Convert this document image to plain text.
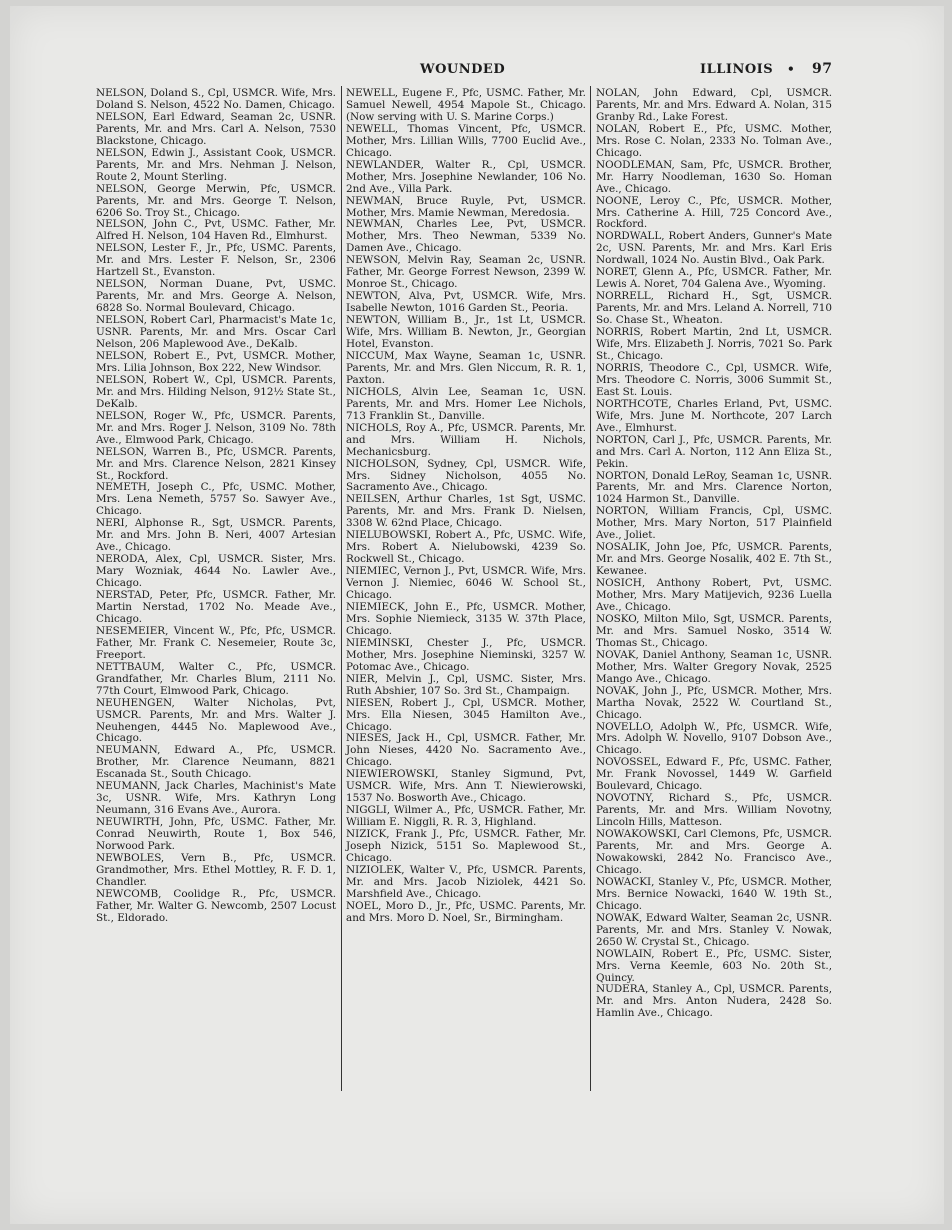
WOUNDED	ILLINOIS • 97

NELSON, Doland S., Cpl, USMCR. Wife, Mrs. Doland S. Nelson, 4522 No. Damen, Chicago.

NELSON, Earl Edward, Seaman 2c, USNR. Parents, Mr. and Mrs. Carl A. Nelson, 7530 Blackstone, Chicago.

NELSON, Edwin J., Assistant Cook, USMCR. Parents, Mr. and Mrs. Nehman J. Nelson, Route 2, Mount Sterling.

NELSON, George Merwin, Pfc, USMCR. Parents, Mr. and Mrs. George T. Nelson, 6206 So. Troy St., Chicago.

NELSON, John C., Pvt, USMC. Father, Mr. Alfred H. Nelson, 104 Haven Rd., Elmhurst.

NELSON, Lester F., Jr., Pfc, USMC. Parents, Mr. and Mrs. Lester F. Nelson, Sr., 2306 Hartzell St., Evanston.

NELSON, Norman Duane, Pvt, USMC. Parents, Mr. and Mrs. George A. Nelson, 6828 So. Normal Boulevard, Chicago.

NELSON, Robert Carl, Pharmacist's Mate 1c, USNR. Parents, Mr. and Mrs. Oscar Carl Nelson, 206 Maplewood Ave., DeKalb.

NELSON, Robert E., Pvt, USMCR. Mother, Mrs. Lilia Johnson, Box 222, New Windsor.

NELSON, Robert W., Cpl, USMCR. Parents, Mr. and Mrs. Hilding Nelson, 912½ State St., DeKalb.

NELSON, Roger W., Pfc, USMCR. Parents, Mr. and Mrs. Roger J. Nelson, 3109 No. 78th Ave., Elmwood Park, Chicago.

NELSON, Warren B., Pfc, USMCR. Parents, Mr. and Mrs. Clarence Nelson, 2821 Kinsey St., Rockford.

NEMETH, Joseph C., Pfc, USMC. Mother, Mrs. Lena Nemeth, 5757 So. Sawyer Ave., Chicago.

NERI, Alphonse R., Sgt, USMCR. Parents, Mr. and Mrs. John B. Neri, 4007 Artesian Ave., Chicago.

NERODA, Alex, Cpl, USMCR. Sister, Mrs. Mary Wozniak, 4644 No. Lawler Ave., Chicago.

NERSTAD, Peter, Pfc, USMCR. Father, Mr. Martin Nerstad, 1702 No. Meade Ave., Chicago.

NESEMEIER, Vincent W., Pfc, Pfc, USMCR. Father, Mr. Frank C. Nesemeier, Route 3c, Freeport.

NETTBAUM, Walter C., Pfc, USMCR. Grandfather, Mr. Charles Blum, 2111 No. 77th Court, Elmwood Park, Chicago.

NEUHENGEN, Walter Nicholas, Pvt, USMCR. Parents, Mr. and Mrs. Walter J. Neuhengen, 4445 No. Maplewood Ave., Chicago.

NEUMANN, Edward A., Pfc, USMCR. Brother, Mr. Clarence Neumann, 8821 Escanada St., South Chicago.

NEUMANN, Jack Charles, Machinist's Mate 3c, USNR. Wife, Mrs. Kathryn Long Neumann, 316 Evans Ave., Aurora.

NEUWIRTH, John, Pfc, USMC. Father, Mr. Conrad Neuwirth, Route 1, Box 546, Norwood Park.

NEWBOLES, Vern B., Pfc, USMCR. Grandmother, Mrs. Ethel Mottley, R. F. D. 1, Chandler.

NEWCOMB, Coolidge R., Pfc, USMCR. Father, Mr. Walter G. Newcomb, 2507 Locust St., Eldorado.

NEWELL, Eugene F., Pfc, USMC. Father, Mr. Samuel Newell, 4954 Mapole St., Chicago. (Now serving with U. S. Marine Corps.)

NEWELL, Thomas Vincent, Pfc, USMCR. Mother, Mrs. Lillian Wills, 7700 Euclid Ave., Chicago.

NEWLANDER, Walter R., Cpl, USMCR. Mother, Mrs. Josephine Newlander, 106 No. 2nd Ave., Villa Park.

NEWMAN, Bruce Ruyle, Pvt, USMCR. Mother, Mrs. Mamie Newman, Meredosia.

NEWMAN, Charles Lee, Pvt, USMCR. Mother, Mrs. Theo Newman, 5339 No. Damen Ave., Chicago.

NEWSON, Melvin Ray, Seaman 2c, USNR. Father, Mr. George Forrest Newson, 2399 W. Monroe St., Chicago.

NEWTON, Alva, Pvt, USMCR. Wife, Mrs. Isabelle Newton, 1016 Garden St., Peoria.

NEWTON, William B., Jr., 1st Lt, USMCR. Wife, Mrs. William B. Newton, Jr., Georgian Hotel, Evanston.

NICCUM, Max Wayne, Seaman 1c, USNR. Parents, Mr. and Mrs. Glen Niccum, R. R. 1, Paxton.

NICHOLS, Alvin Lee, Seaman 1c, USN. Parents, Mr. and Mrs. Homer Lee Nichols, 713 Franklin St., Danville.

NICHOLS, Roy A., Pfc, USMCR. Parents, Mr. and Mrs. William H. Nichols, Mechanicsburg.

NICHOLSON, Sydney, Cpl, USMCR. Wife, Mrs. Sidney Nicholson, 4055 No. Sacramento Ave., Chicago.

NEILSEN, Arthur Charles, 1st Sgt, USMC. Parents, Mr. and Mrs. Frank D. Nielsen, 3308 W. 62nd Place, Chicago.

NIELUBOWSKI, Robert A., Pfc, USMC. Wife, Mrs. Robert A. Nielubowski, 4239 So. Rockwell St., Chicago.

NIEMIEC, Vernon J., Pvt, USMCR. Wife, Mrs. Vernon J. Niemiec, 6046 W. School St., Chicago.

NIEMIECK, John E., Pfc, USMCR. Mother, Mrs. Sophie Niemieck, 3135 W. 37th Place, Chicago.

NIEMINSKI, Chester J., Pfc, USMCR. Mother, Mrs. Josephine Nieminski, 3257 W. Potomac Ave., Chicago.

NIER, Melvin J., Cpl, USMC. Sister, Mrs. Ruth Abshier, 107 So. 3rd St., Champaign.

NIESEN, Robert J., Cpl, USMCR. Mother, Mrs. Ella Niesen, 3045 Hamilton Ave., Chicago.

NIESES, Jack H., Cpl, USMCR. Father, Mr. John Nieses, 4420 No. Sacramento Ave., Chicago.

NIEWIEROWSKI, Stanley Sigmund, Pvt, USMCR. Wife, Mrs. Ann T. Niewierowski, 1537 No. Bosworth Ave., Chicago.

NIGGLI, Wilmer A., Pfc, USMCR. Father, Mr. William E. Niggli, R. R. 3, Highland.

NIZICK, Frank J., Pfc, USMCR. Father, Mr. Joseph Nizick, 5151 So. Maplewood St., Chicago.

NIZIOLEK, Walter V., Pfc, USMCR. Parents, Mr. and Mrs. Jacob Niziolek, 4421 So. Marshfield Ave., Chicago.

NOEL, Moro D., Jr., Pfc, USMC. Parents, Mr. and Mrs. Moro D. Noel, Sr., Birmingham.

NOLAN, John Edward, Cpl, USMCR. Parents, Mr. and Mrs. Edward A. Nolan, 315 Granby Rd., Lake Forest.

NOLAN, Robert E., Pfc, USMC. Mother, Mrs. Rose C. Nolan, 2333 No. Tolman Ave., Chicago.

NOODLEMAN, Sam, Pfc, USMCR. Brother, Mr. Harry Noodleman, 1630 So. Homan Ave., Chicago.

NOONE, Leroy C., Pfc, USMCR. Mother, Mrs. Catherine A. Hill, 725 Concord Ave., Rockford.

NORDWALL, Robert Anders, Gunner's Mate 2c, USN. Parents, Mr. and Mrs. Karl Eris Nordwall, 1024 No. Austin Blvd., Oak Park.

NORET, Glenn A., Pfc, USMCR. Father, Mr. Lewis A. Noret, 704 Galena Ave., Wyoming.

NORRELL, Richard H., Sgt, USMCR. Parents, Mr. and Mrs. Leland A. Norrell, 710 So. Chase St., Wheaton.

NORRIS, Robert Martin, 2nd Lt, USMCR. Wife, Mrs. Elizabeth J. Norris, 7021 So. Park St., Chicago.

NORRIS, Theodore C., Cpl, USMCR. Wife, Mrs. Theodore C. Norris, 3006 Summit St., East St. Louis.

NORTHCOTE, Charles Erland, Pvt, USMC. Wife, Mrs. June M. Northcote, 207 Larch Ave., Elmhurst.

NORTON, Carl J., Pfc, USMCR. Parents, Mr. and Mrs. Carl A. Norton, 112 Ann Eliza St., Pekin.

NORTON, Donald LeRoy, Seaman 1c, USNR. Parents, Mr. and Mrs. Clarence Norton, 1024 Harmon St., Danville.

NORTON, William Francis, Cpl, USMC. Mother, Mrs. Mary Norton, 517 Plainfield Ave., Joliet.

NOSALIK, John Joe, Pfc, USMCR. Parents, Mr. and Mrs. George Nosalik, 402 E. 7th St., Kewanee.

NOSICH, Anthony Robert, Pvt, USMC. Mother, Mrs. Mary Matijevich, 9236 Luella Ave., Chicago.

NOSKO, Milton Milo, Sgt, USMCR. Parents, Mr. and Mrs. Samuel Nosko, 3514 W. Thomas St., Chicago.

NOVAK, Daniel Anthony, Seaman 1c, USNR. Mother, Mrs. Walter Gregory Novak, 2525 Mango Ave., Chicago.

NOVAK, John J., Pfc, USMCR. Mother, Mrs. Martha Novak, 2522 W. Courtland St., Chicago.

NOVELLO, Adolph W., Pfc, USMCR. Wife, Mrs. Adolph W. Novello, 9107 Dobson Ave., Chicago.

NOVOSSEL, Edward F., Pfc, USMC. Father, Mr. Frank Novossel, 1449 W. Garfield Boulevard, Chicago.

NOVOTNY, Richard S., Pfc, USMCR. Parents, Mr. and Mrs. William Novotny, Lincoln Hills, Matteson.

NOWAKOWSKI, Carl Clemons, Pfc, USMCR. Parents, Mr. and Mrs. George A. Nowakowski, 2842 No. Francisco Ave., Chicago.

NOWACKI, Stanley V., Pfc, USMCR. Mother, Mrs. Bernice Nowacki, 1640 W. 19th St., Chicago.

NOWAK, Edward Walter, Seaman 2c, USNR. Parents, Mr. and Mrs. Stanley V. Nowak, 2650 W. Crystal St., Chicago.

NOWLAIN, Robert E., Pfc, USMC. Sister, Mrs. Verna Keemle, 603 No. 20th St., Quincy.

NUDERA, Stanley A., Cpl, USMCR. Parents, Mr. and Mrs. Anton Nudera, 2428 So. Hamlin Ave., Chicago.
